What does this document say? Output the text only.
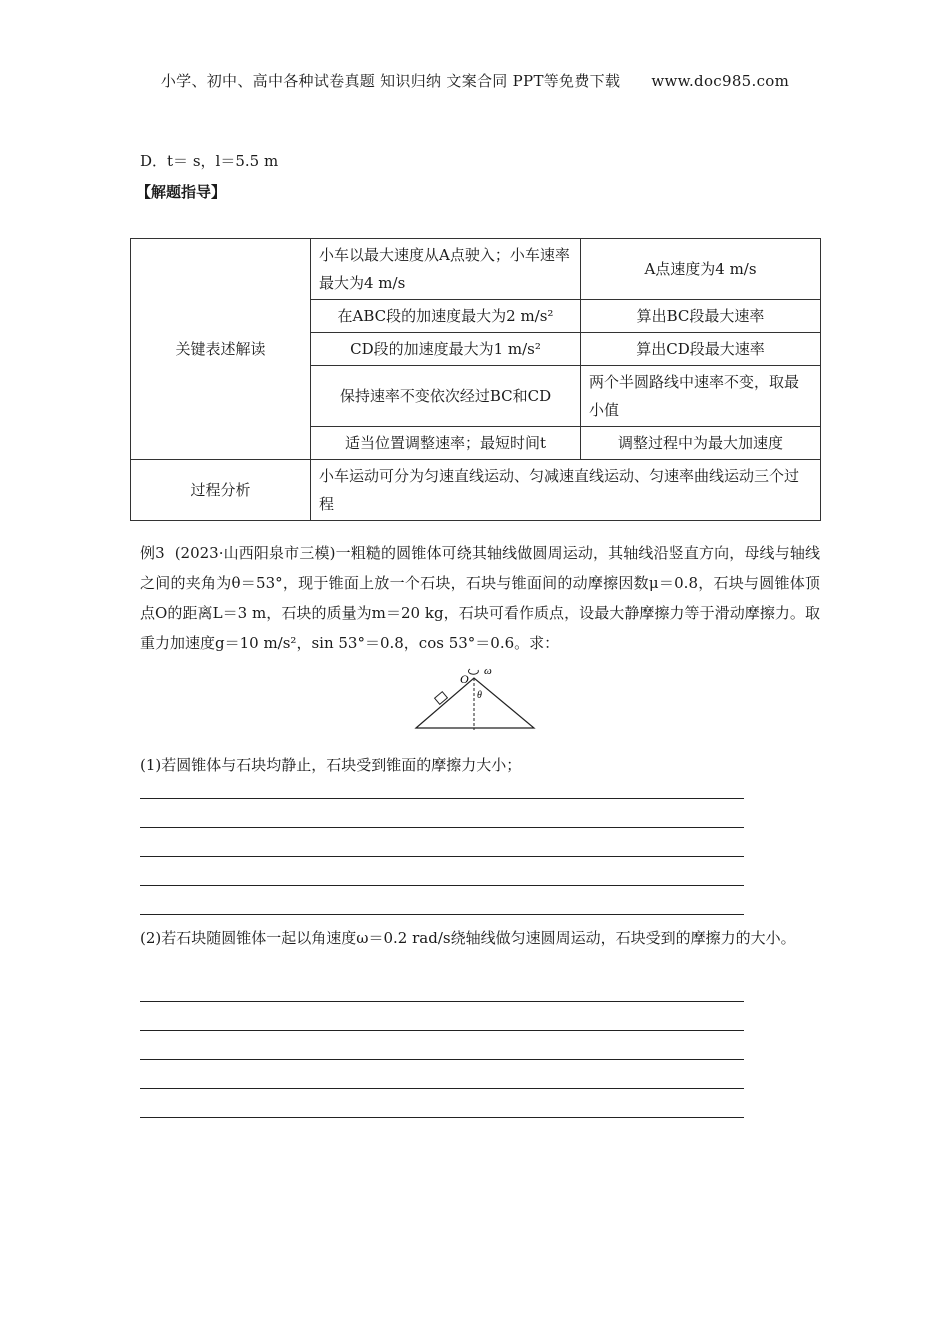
小学、初中、高中各种试卷真题 知识归纳 文案合同 PPT等免费下载 www.doc985.com
D．t＝ s，l＝5.5 m
【解题指导】
关键表述解读	小车以最大速度从A点驶入；小车速率最大为4 m/s	A点速度为4 m/s
	在ABC段的加速度最大为2 m/s²	算出BC段最大速率
	CD段的加速度最大为1 m/s²	算出CD段最大速率
	保持速率不变依次经过BC和CD	两个半圆路线中速率不变，取最小值
	适当位置调整速率；最短时间t	调整过程中为最大加速度
过程分析	小车运动可分为匀速直线运动、匀减速直线运动、匀速率曲线运动三个过程	
例3 (2023·山西阳泉市三模)一粗糙的圆锥体可绕其轴线做圆周运动，其轴线沿竖直方向，母线与轴线之间的夹角为θ＝53°，现于锥面上放一个石块，石块与锥面间的动摩擦因数μ＝0.8，石块与圆锥体顶点O的距离L＝3 m，石块的质量为m＝20 kg，石块可看作质点，设最大静摩擦力等于滑动摩擦力。取重力加速度g＝10 m/s²，sin 53°＝0.8，cos 53°＝0.6。求：
O
ω
θ
(1)若圆锥体与石块均静止，石块受到锥面的摩擦力大小；
(2)若石块随圆锥体一起以角速度ω＝0.2 rad/s绕轴线做匀速圆周运动，石块受到的摩擦力的大小。
